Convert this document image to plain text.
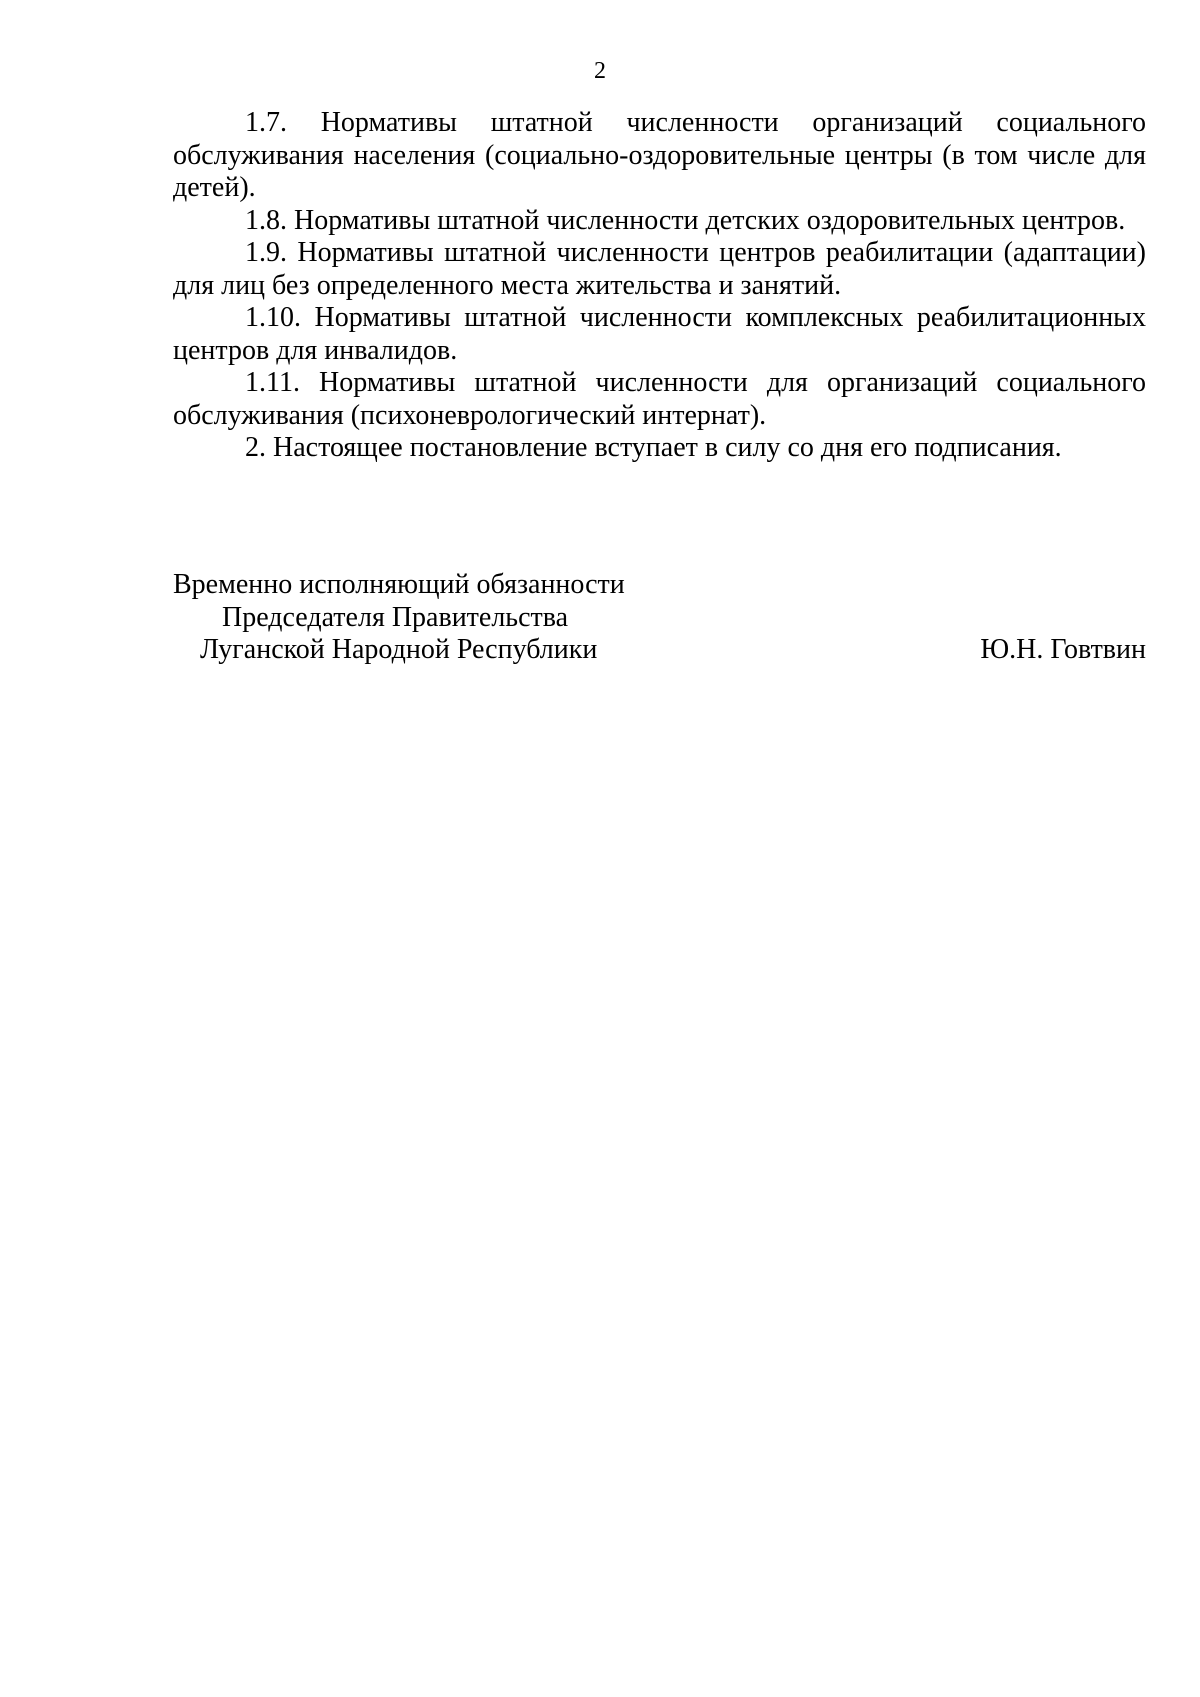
2

1.7. Нормативы штатной численности организаций социального обслуживания населения (социально-оздоровительные центры (в том числе для детей).

1.8. Нормативы штатной численности детских оздоровительных центров.

1.9. Нормативы штатной численности центров реабилитации (адаптации) для лиц без определенного места жительства и занятий.

1.10. Нормативы штатной численности комплексных реабилитационных центров для инвалидов.

1.11. Нормативы штатной численности для организаций социального обслуживания (психоневрологический интернат).

2. Настоящее постановление вступает в силу со дня его подписания.

Временно исполняющий обязанности
Председателя Правительства
Луганской Народной Республики	Ю.Н. Говтвин
